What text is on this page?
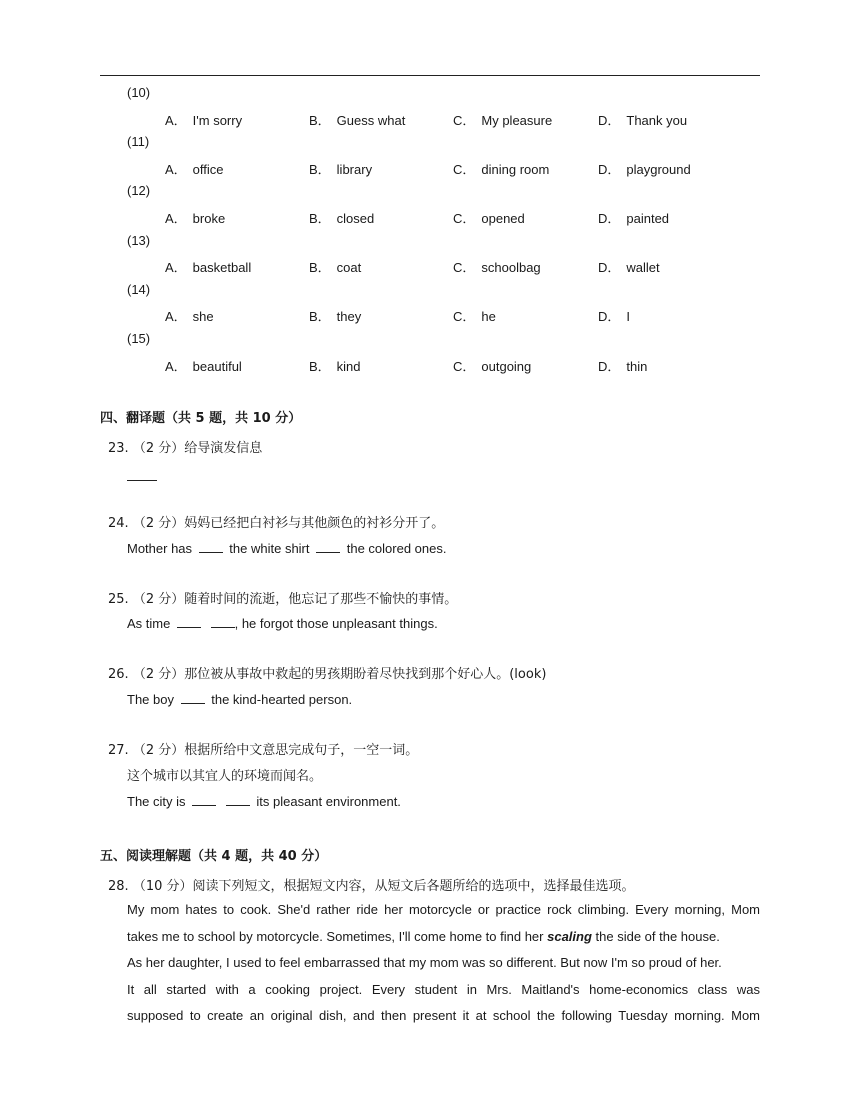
(10)
A． I'm sorry	B． Guess what	C． My pleasure	D． Thank you
(11)
A． office	B． library	C． dining room	D． playground
(12)
A． broke	B． closed	C． opened	D． painted
(13)
A． basketball	B． coat	C． schoolbag	D． wallet
(14)
A． she	B． they	C． he	D． I
(15)
A． beautiful	B． kind	C． outgoing	D． thin
四、翻译题（共 5 题，共 10 分）
23. （2 分）给导演发信息
24. （2 分）妈妈已经把白衬衫与其他颜色的衬衫分开了。
Mother has	the white shirt	the colored ones.
25. （2 分）随着时间的流逝，他忘记了那些不愉快的事情。
As time	, he forgot those unpleasant things.
26. （2 分）那位被从事故中救起的男孩期盼着尽快找到那个好心人。(look)
The boy	the kind-hearted person.
27. （2 分）根据所给中文意思完成句子，一空一词。
这个城市以其宜人的环境而闻名。
The city is	its pleasant environment.
五、阅读理解题（共 4 题，共 40 分）
28. （10 分）阅读下列短文，根据短文内容，从短文后各题所给的选项中，选择最佳选项。

My mom hates to cook. She'd rather ride her motorcycle or practice rock climbing. Every morning, Mom

takes me to school by motorcycle. Sometimes, I'll come home to find her scaling the side of the house.

As her daughter, I used to feel embarrassed that my mom was so different. But now I'm so proud of her.

It all started with a cooking project. Every student in Mrs. Maitland's home-economics class was

supposed to create an original dish, and then present it at school the following Tuesday morning. Mom
